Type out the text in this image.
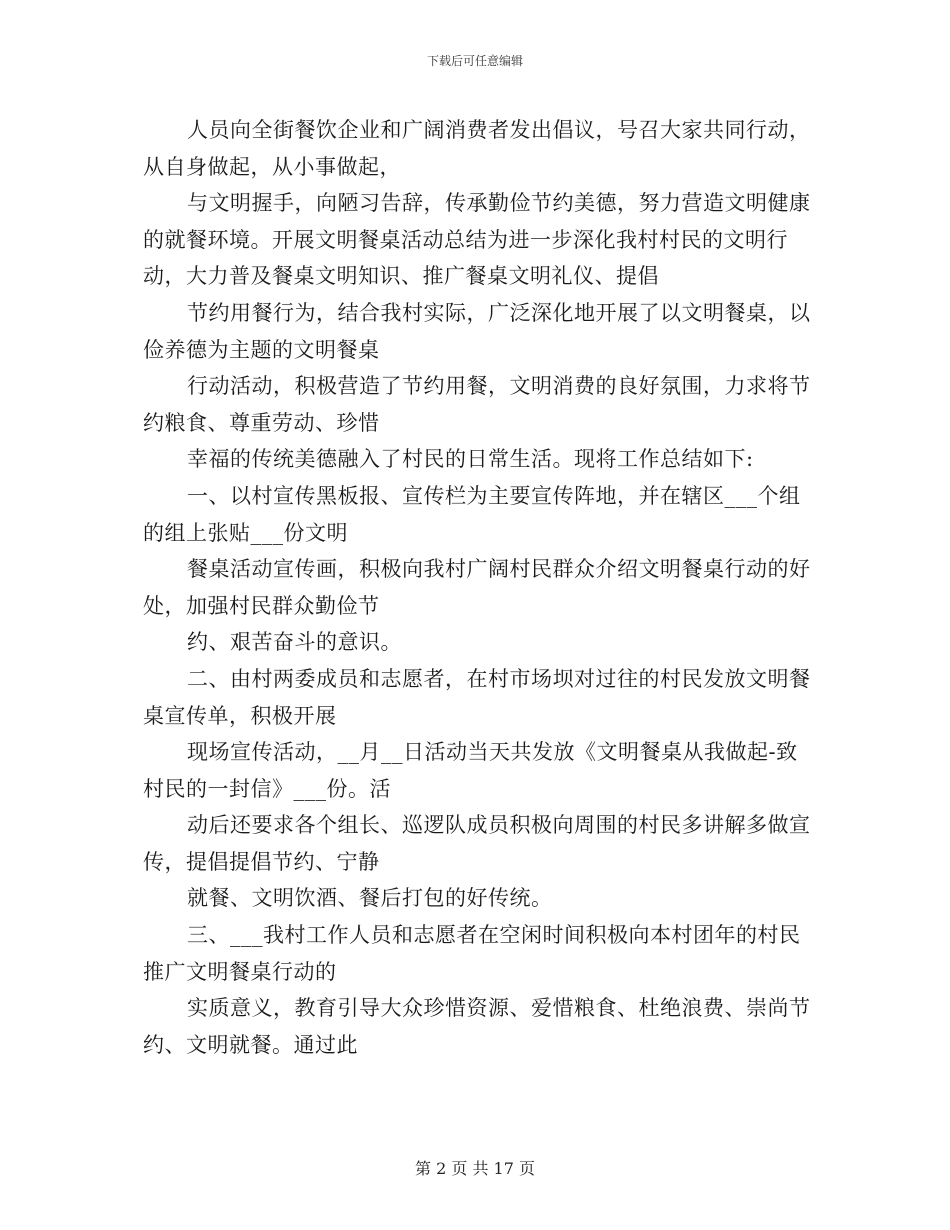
下载后可任意编辑

人员向全街餐饮企业和广阔消费者发出倡议，号召大家共同行动，从自身做起，从小事做起，

与文明握手，向陋习告辞，传承勤俭节约美德，努力营造文明健康的就餐环境。开展文明餐桌活动总结为进一步深化我村村民的文明行动，大力普及餐桌文明知识、推广餐桌文明礼仪、提倡

节约用餐行为，结合我村实际，广泛深化地开展了以文明餐桌，以俭养德为主题的文明餐桌

行动活动，积极营造了节约用餐，文明消费的良好氛围，力求将节约粮食、尊重劳动、珍惜

幸福的传统美德融入了村民的日常生活。现将工作总结如下:

一、以村宣传黑板报、宣传栏为主要宣传阵地，并在辖区___个组的组上张贴___份文明

餐桌活动宣传画，积极向我村广阔村民群众介绍文明餐桌行动的好处，加强村民群众勤俭节

约、艰苦奋斗的意识。

二、由村两委成员和志愿者，在村市场坝对过往的村民发放文明餐桌宣传单，积极开展

现场宣传活动，__月__日活动当天共发放《文明餐桌从我做起-致村民的一封信》___份。活

动后还要求各个组长、巡逻队成员积极向周围的村民多讲解多做宣传，提倡提倡节约、宁静

就餐、文明饮酒、餐后打包的好传统。

三、___我村工作人员和志愿者在空闲时间积极向本村团年的村民推广文明餐桌行动的

实质意义，教育引导大众珍惜资源、爱惜粮食、杜绝浪费、崇尚节约、文明就餐。通过此

第 2 页 共 17 页
